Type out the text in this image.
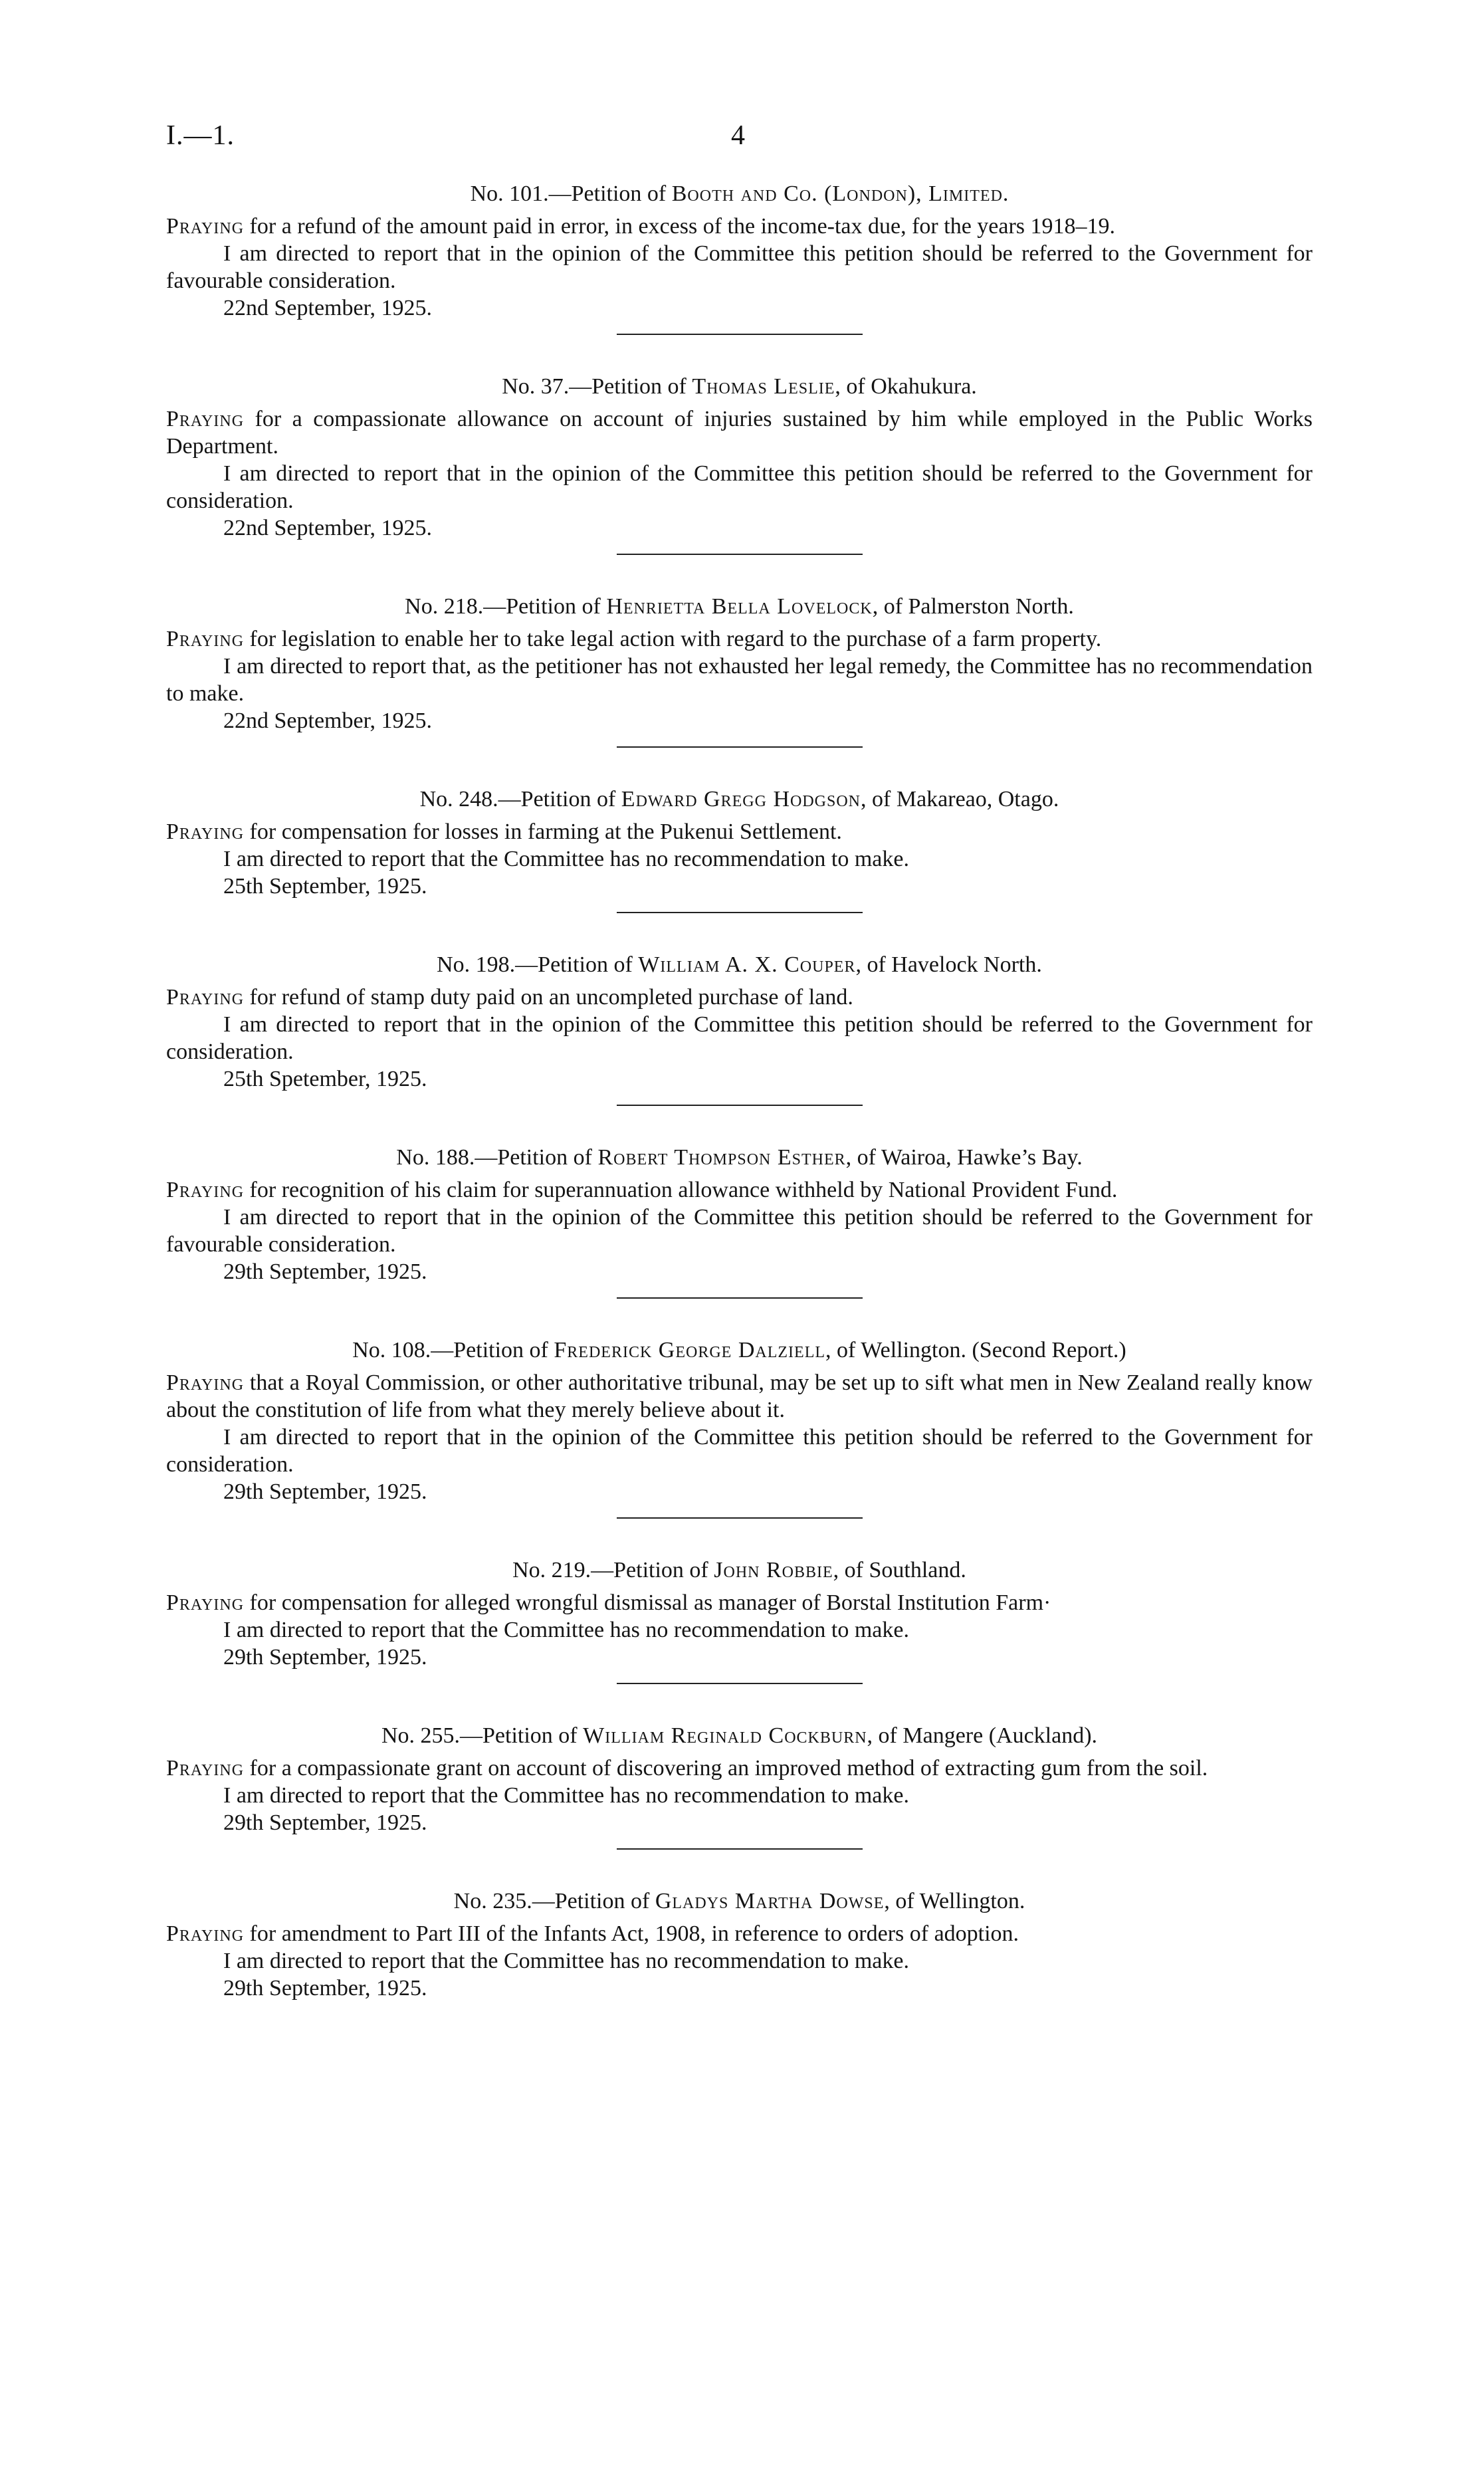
I.—1.	4
No. 101.—Petition of Booth and Co. (London), Limited.

Praying for a refund of the amount paid in error, in excess of the income-tax due, for the years 1918–19.

I am directed to report that in the opinion of the Committee this petition should be referred to the Government for favourable consideration.

22nd September, 1925.

No. 37.—Petition of Thomas Leslie, of Okahukura.

Praying for a compassionate allowance on account of injuries sustained by him while employed in the Public Works Department.

I am directed to report that in the opinion of the Committee this petition should be referred to the Government for consideration.

22nd September, 1925.

No. 218.—Petition of Henrietta Bella Lovelock, of Palmerston North.

Praying for legislation to enable her to take legal action with regard to the purchase of a farm property.

I am directed to report that, as the petitioner has not exhausted her legal remedy, the Committee has no recommendation to make.

22nd September, 1925.

No. 248.—Petition of Edward Gregg Hodgson, of Makareao, Otago.

Praying for compensation for losses in farming at the Pukenui Settlement.

I am directed to report that the Committee has no recommendation to make.

25th September, 1925.

No. 198.—Petition of William A. X. Couper, of Havelock North.

Praying for refund of stamp duty paid on an uncompleted purchase of land.

I am directed to report that in the opinion of the Committee this petition should be referred to the Government for consideration.

25th Spetember, 1925.

No. 188.—Petition of Robert Thompson Esther, of Wairoa, Hawke’s Bay.

Praying for recognition of his claim for superannuation allowance withheld by National Provident Fund.

I am directed to report that in the opinion of the Committee this petition should be referred to the Government for favourable consideration.

29th September, 1925.

No. 108.—Petition of Frederick George Dalziell, of Wellington. (Second Report.)

Praying that a Royal Commission, or other authoritative tribunal, may be set up to sift what men in New Zealand really know about the constitution of life from what they merely believe about it.

I am directed to report that in the opinion of the Committee this petition should be referred to the Government for consideration.

29th September, 1925.

No. 219.—Petition of John Robbie, of Southland.

Praying for compensation for alleged wrongful dismissal as manager of Borstal Institution Farm·

I am directed to report that the Committee has no recommendation to make.

29th September, 1925.

No. 255.—Petition of William Reginald Cockburn, of Mangere (Auckland).

Praying for a compassionate grant on account of discovering an improved method of extracting gum from the soil.

I am directed to report that the Committee has no recommendation to make.

29th September, 1925.

No. 235.—Petition of Gladys Martha Dowse, of Wellington.

Praying for amendment to Part III of the Infants Act, 1908, in reference to orders of adoption.

I am directed to report that the Committee has no recommendation to make.

29th September, 1925.
